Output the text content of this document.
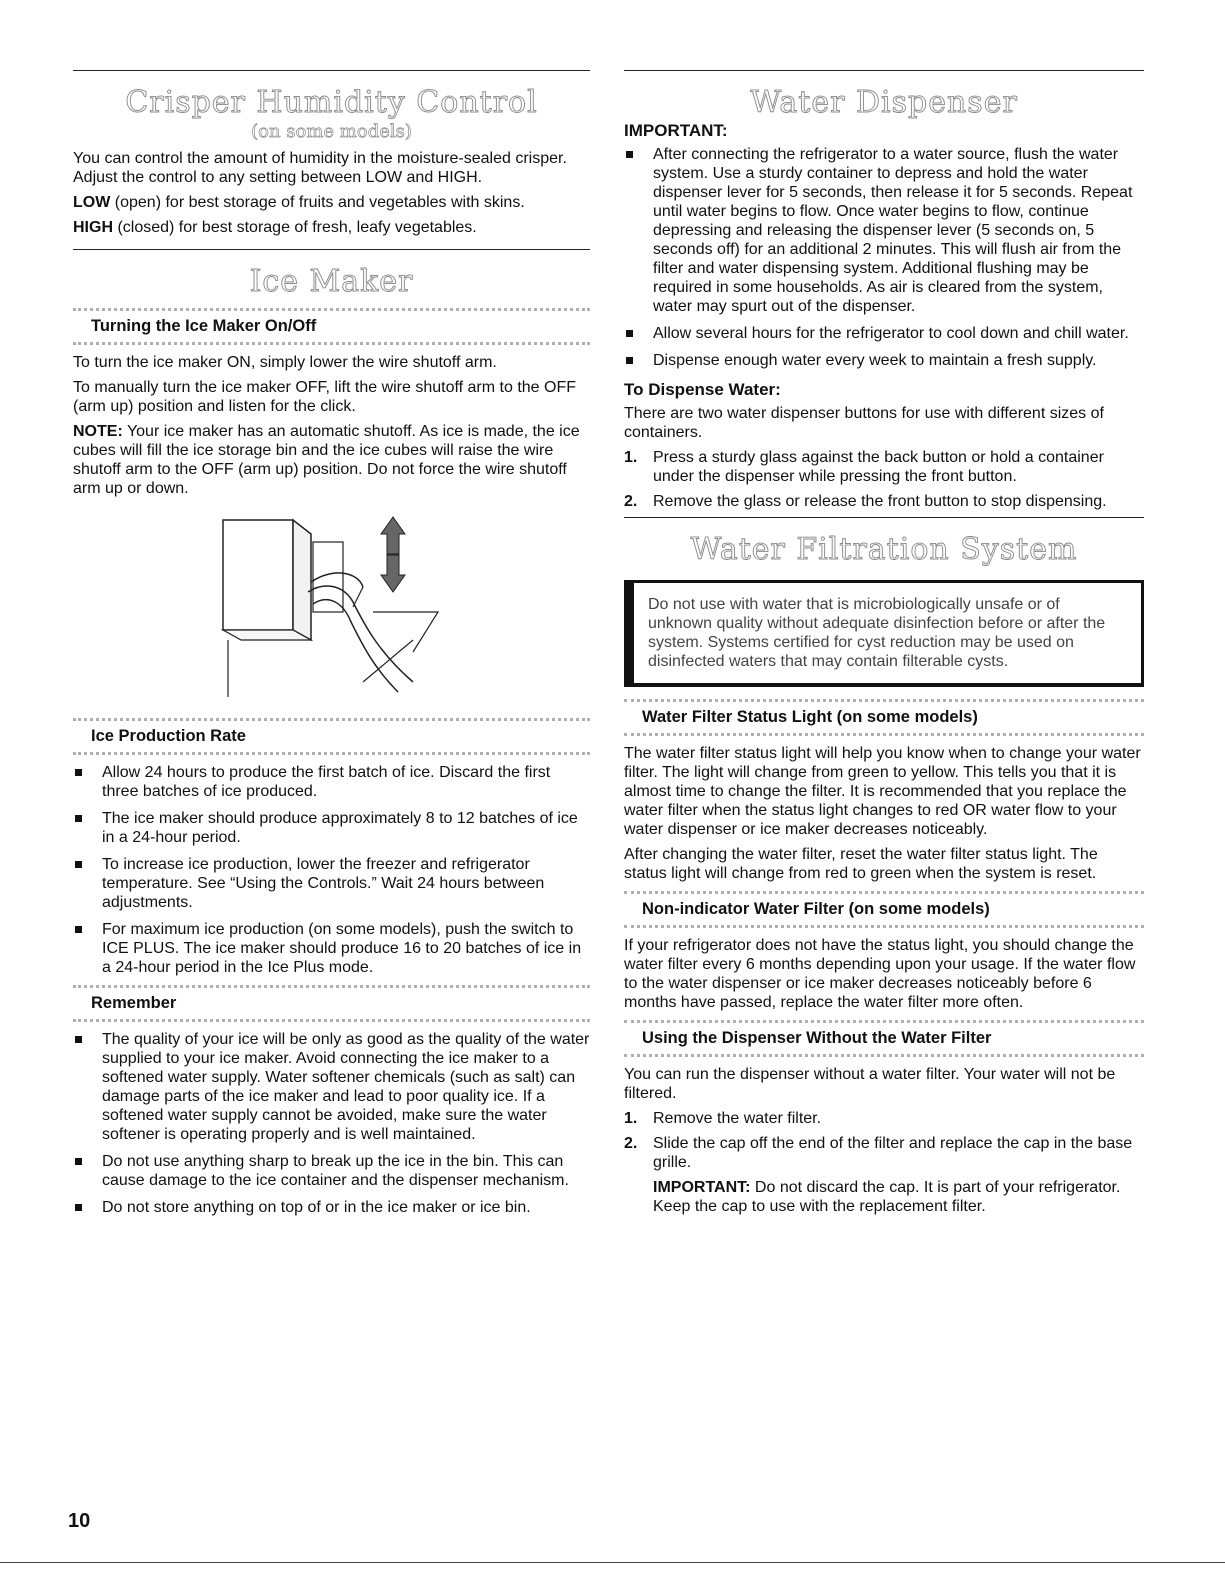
Crisper Humidity Control
(on some models)

You can control the amount of humidity in the moisture-sealed crisper. Adjust the control to any setting between LOW and HIGH.

LOW (open) for best storage of fruits and vegetables with skins.

HIGH (closed) for best storage of fresh, leafy vegetables.

Ice Maker
Turning the Ice Maker On/Off

To turn the ice maker ON, simply lower the wire shutoff arm.

To manually turn the ice maker OFF, lift the wire shutoff arm to the OFF (arm up) position and listen for the click.

NOTE: Your ice maker has an automatic shutoff. As ice is made, the ice cubes will fill the ice storage bin and the ice cubes will raise the wire shutoff arm to the OFF (arm up) position. Do not force the wire shutoff arm up or down.

Ice Production Rate
Allow 24 hours to produce the first batch of ice. Discard the first three batches of ice produced.
The ice maker should produce approximately 8 to 12 batches of ice in a 24-hour period.
To increase ice production, lower the freezer and refrigerator temperature. See “Using the Controls.” Wait 24 hours between adjustments.
For maximum ice production (on some models), push the switch to ICE PLUS. The ice maker should produce 16 to 20 batches of ice in a 24-hour period in the Ice Plus mode.
Remember
The quality of your ice will be only as good as the quality of the water supplied to your ice maker. Avoid connecting the ice maker to a softened water supply. Water softener chemicals (such as salt) can damage parts of the ice maker and lead to poor quality ice. If a softened water supply cannot be avoided, make sure the water softener is operating properly and is well maintained.
Do not use anything sharp to break up the ice in the bin. This can cause damage to the ice container and the dispenser mechanism.
Do not store anything on top of or in the ice maker or ice bin.
Water Dispenser
IMPORTANT:
After connecting the refrigerator to a water source, flush the water system. Use a sturdy container to depress and hold the water dispenser lever for 5 seconds, then release it for 5 seconds. Repeat until water begins to flow. Once water begins to flow, continue depressing and releasing the dispenser lever (5 seconds on, 5 seconds off) for an additional 2 minutes. This will flush air from the filter and water dispensing system. Additional flushing may be required in some households. As air is cleared from the system, water may spurt out of the dispenser.
Allow several hours for the refrigerator to cool down and chill water.
Dispense enough water every week to maintain a fresh supply.
To Dispense Water:

There are two water dispenser buttons for use with different sizes of containers.

1. Press a sturdy glass against the back button or hold a container under the dispenser while pressing the front button.
2. Remove the glass or release the front button to stop dispensing.
Water Filtration System
Do not use with water that is microbiologically unsafe or of unknown quality without adequate disinfection before or after the system. Systems certified for cyst reduction may be used on disinfected waters that may contain filterable cysts.
Water Filter Status Light (on some models)

The water filter status light will help you know when to change your water filter. The light will change from green to yellow. This tells you that it is almost time to change the filter. It is recommended that you replace the water filter when the status light changes to red OR water flow to your water dispenser or ice maker decreases noticeably.

After changing the water filter, reset the water filter status light. The status light will change from red to green when the system is reset.

Non-indicator Water Filter (on some models)

If your refrigerator does not have the status light, you should change the water filter every 6 months depending upon your usage. If the water flow to the water dispenser or ice maker decreases noticeably before 6 months have passed, replace the water filter more often.

Using the Dispenser Without the Water Filter

You can run the dispenser without a water filter. Your water will not be filtered.

1. Remove the water filter.
2. Slide the cap off the end of the filter and replace the cap in the base grille.
IMPORTANT: Do not discard the cap. It is part of your refrigerator. Keep the cap to use with the replacement filter.
10
